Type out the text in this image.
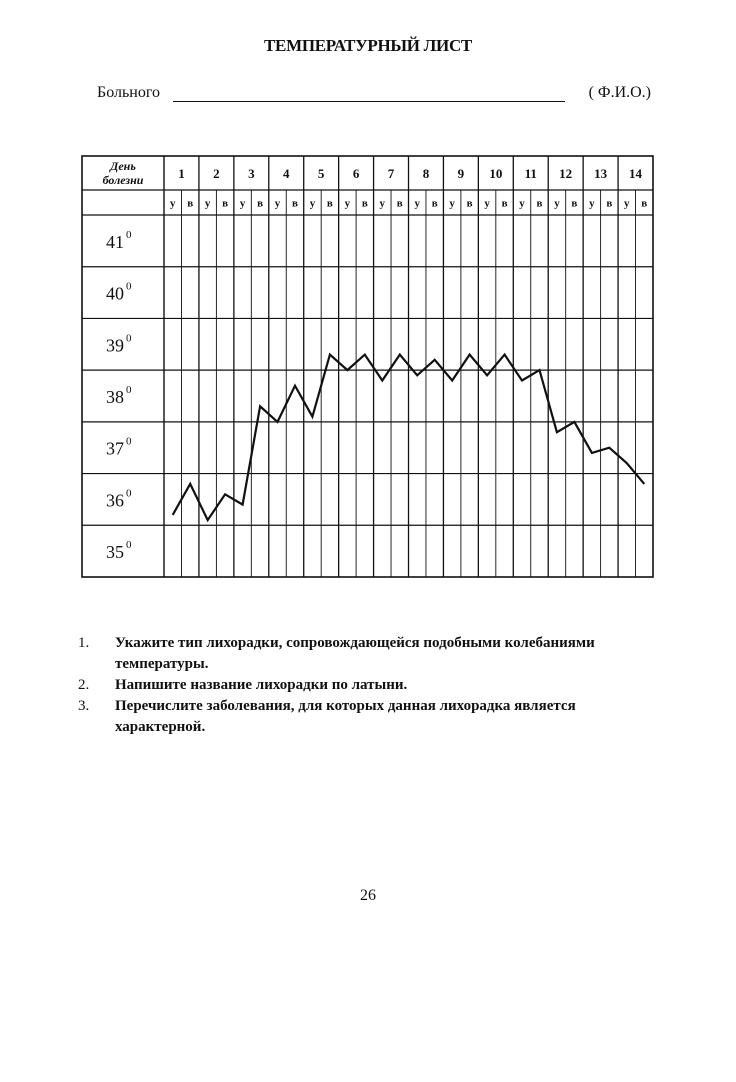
ТЕМПЕРАТУРНЫЙ ЛИСТ
Больного	( Ф.И.О.)
День
болезни	1 2 3 4 5 6 7 8 9 10 11 12 13 14
у в у в у в у в у в у в у в у в у в у в у в у в у в у в
41 0
40 0
39 0
38 0
37 0
36 0
35 0

1. Укажите тип лихорадки, сопровождающейся подобными колебаниями температуры.

2. Напишите название лихорадки по латыни.

3. Перечислите заболевания, для которых данная лихорадка является характерной.

26
